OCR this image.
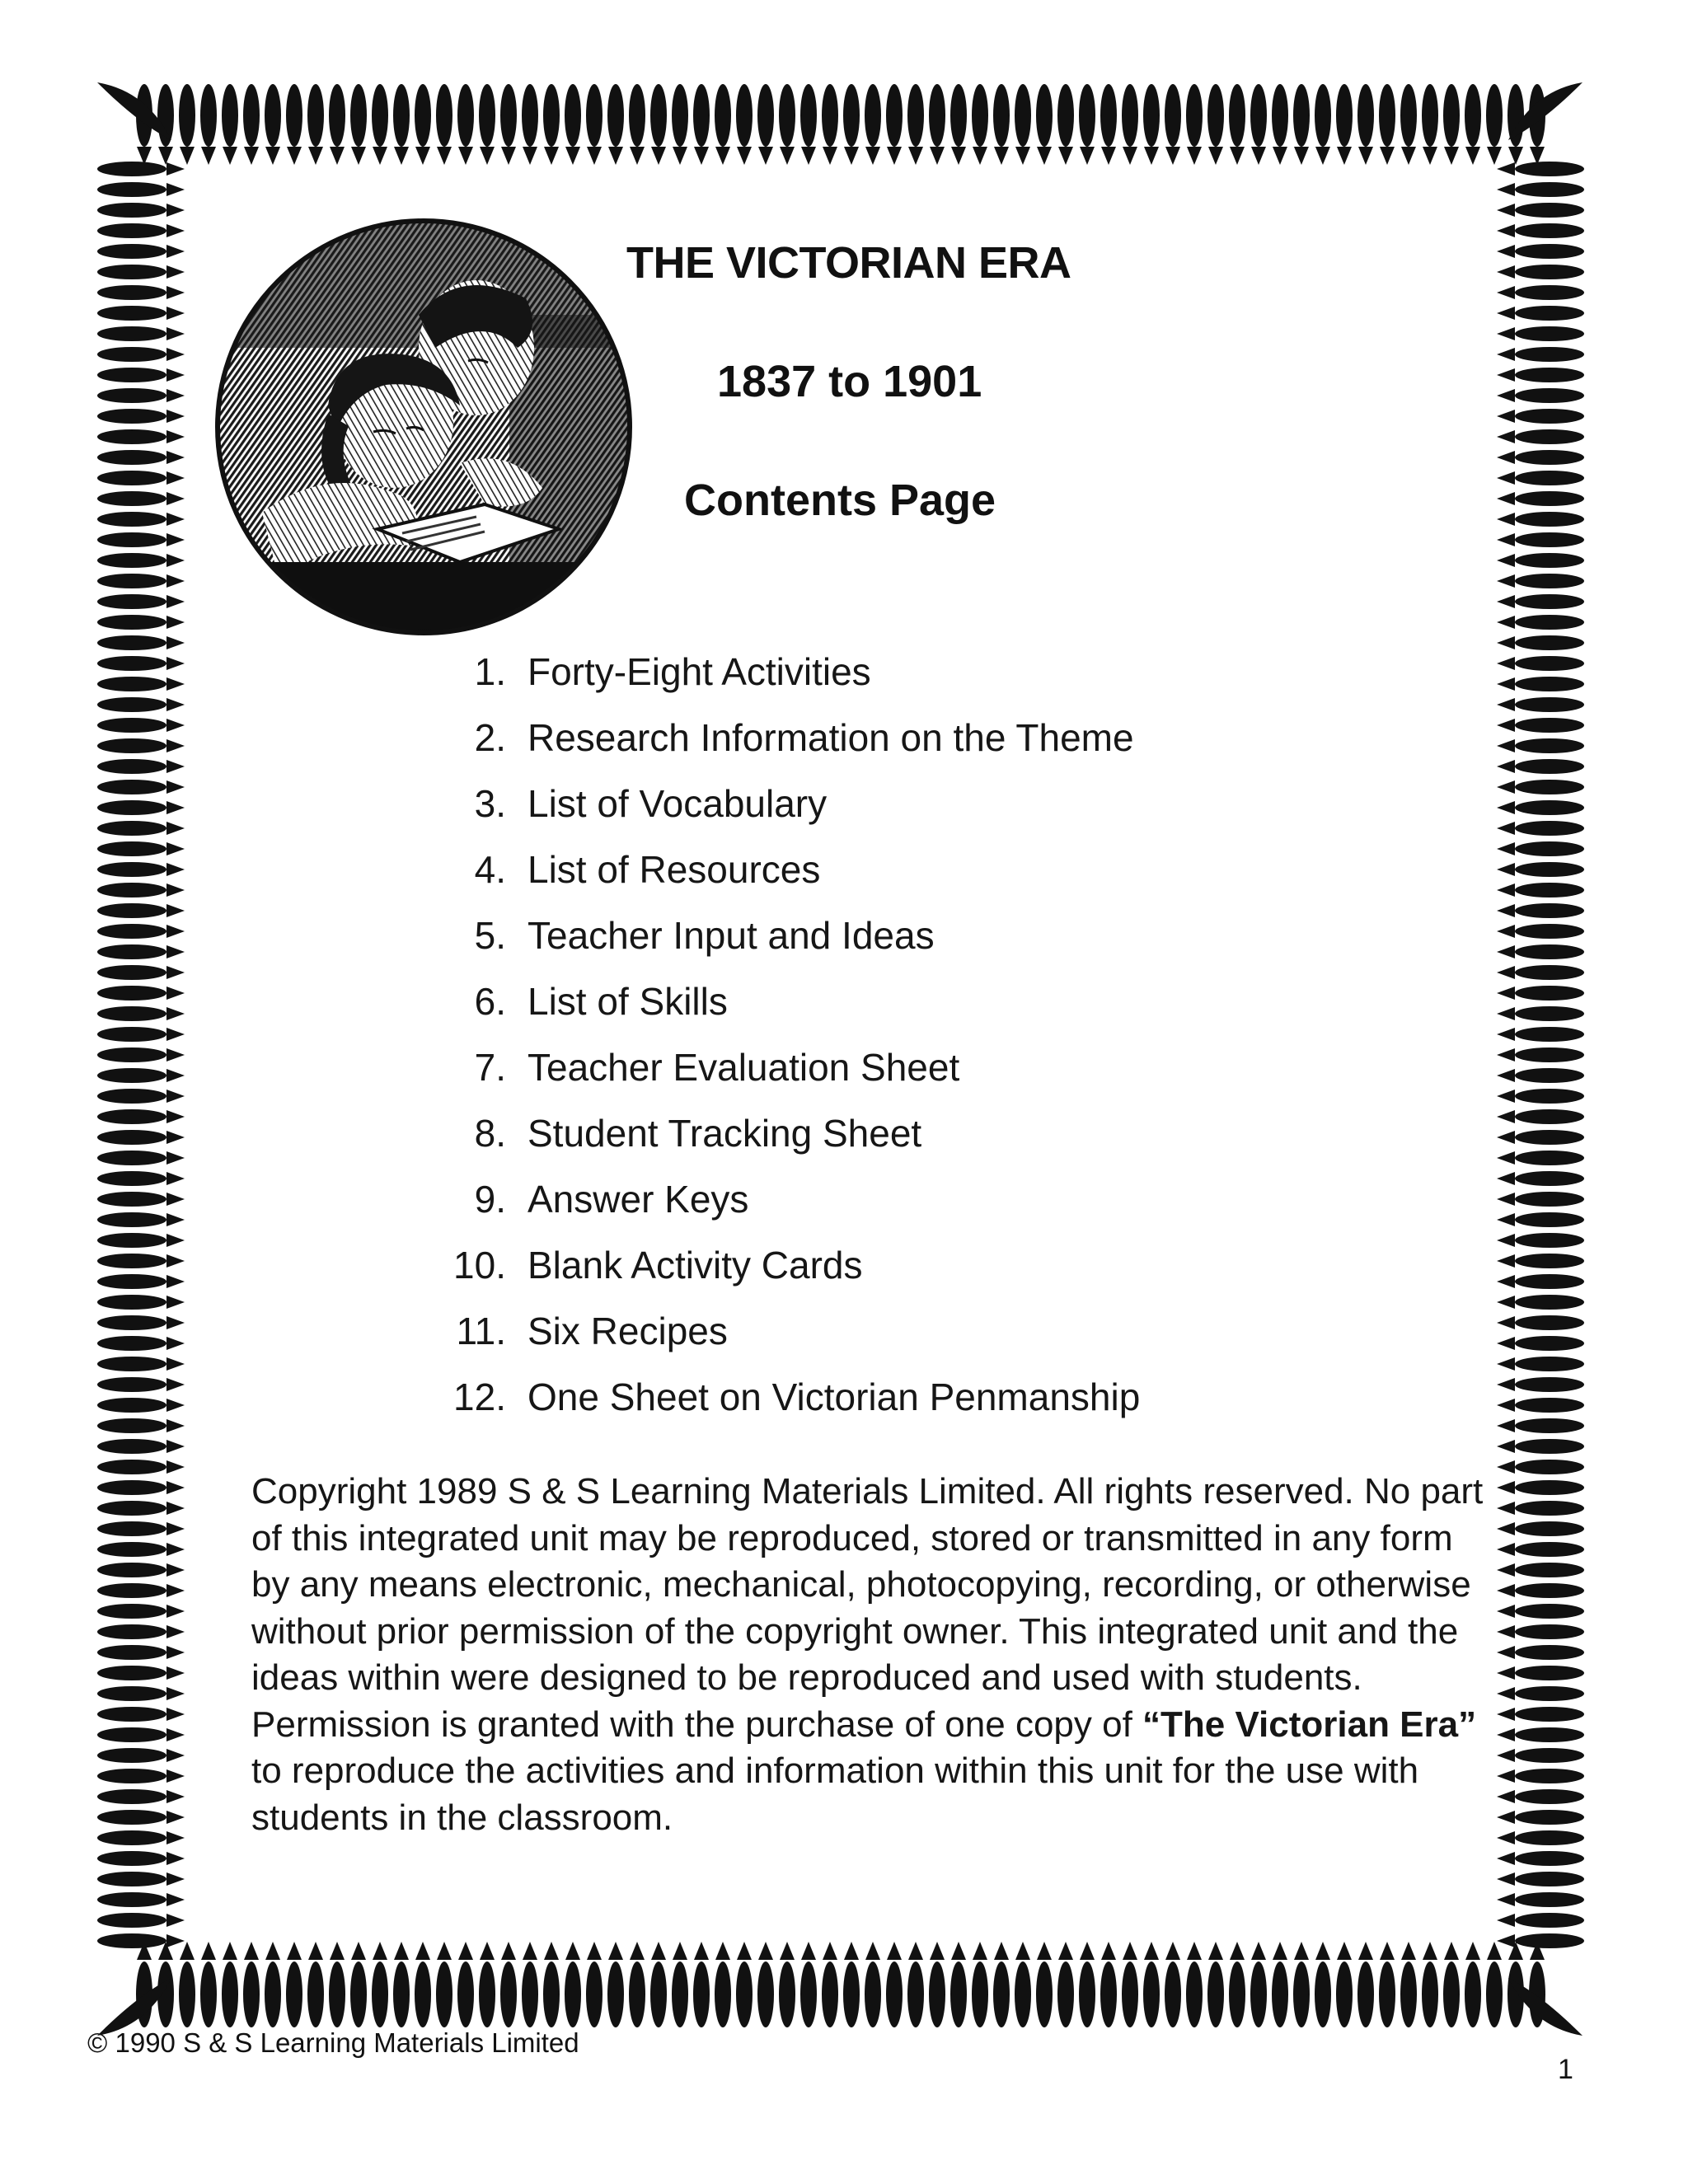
THE VICTORIAN ERA
1837 to 1901
Contents Page
1. Forty-Eight Activities
2. Research Information on the Theme
3. List of Vocabulary
4. List of Resources
5. Teacher Input and Ideas
6. List of Skills
7. Teacher Evaluation Sheet
8. Student Tracking Sheet
9. Answer Keys
10. Blank Activity Cards
11. Six Recipes
12. One Sheet on Victorian Penmanship

Copyright 1989 S & S Learning Materials Limited. All rights reserved. No part of this integrated unit may be reproduced, stored or transmitted in any form by any means electronic, mechanical, photocopying, recording, or otherwise without prior permission of the copyright owner. This integrated unit and the ideas within were designed to be reproduced and used with students. Permission is granted with the purchase of one copy of “The Victorian Era” to reproduce the activities and information within this unit for the use with students in the classroom.

© 1990 S & S Learning Materials Limited
1
